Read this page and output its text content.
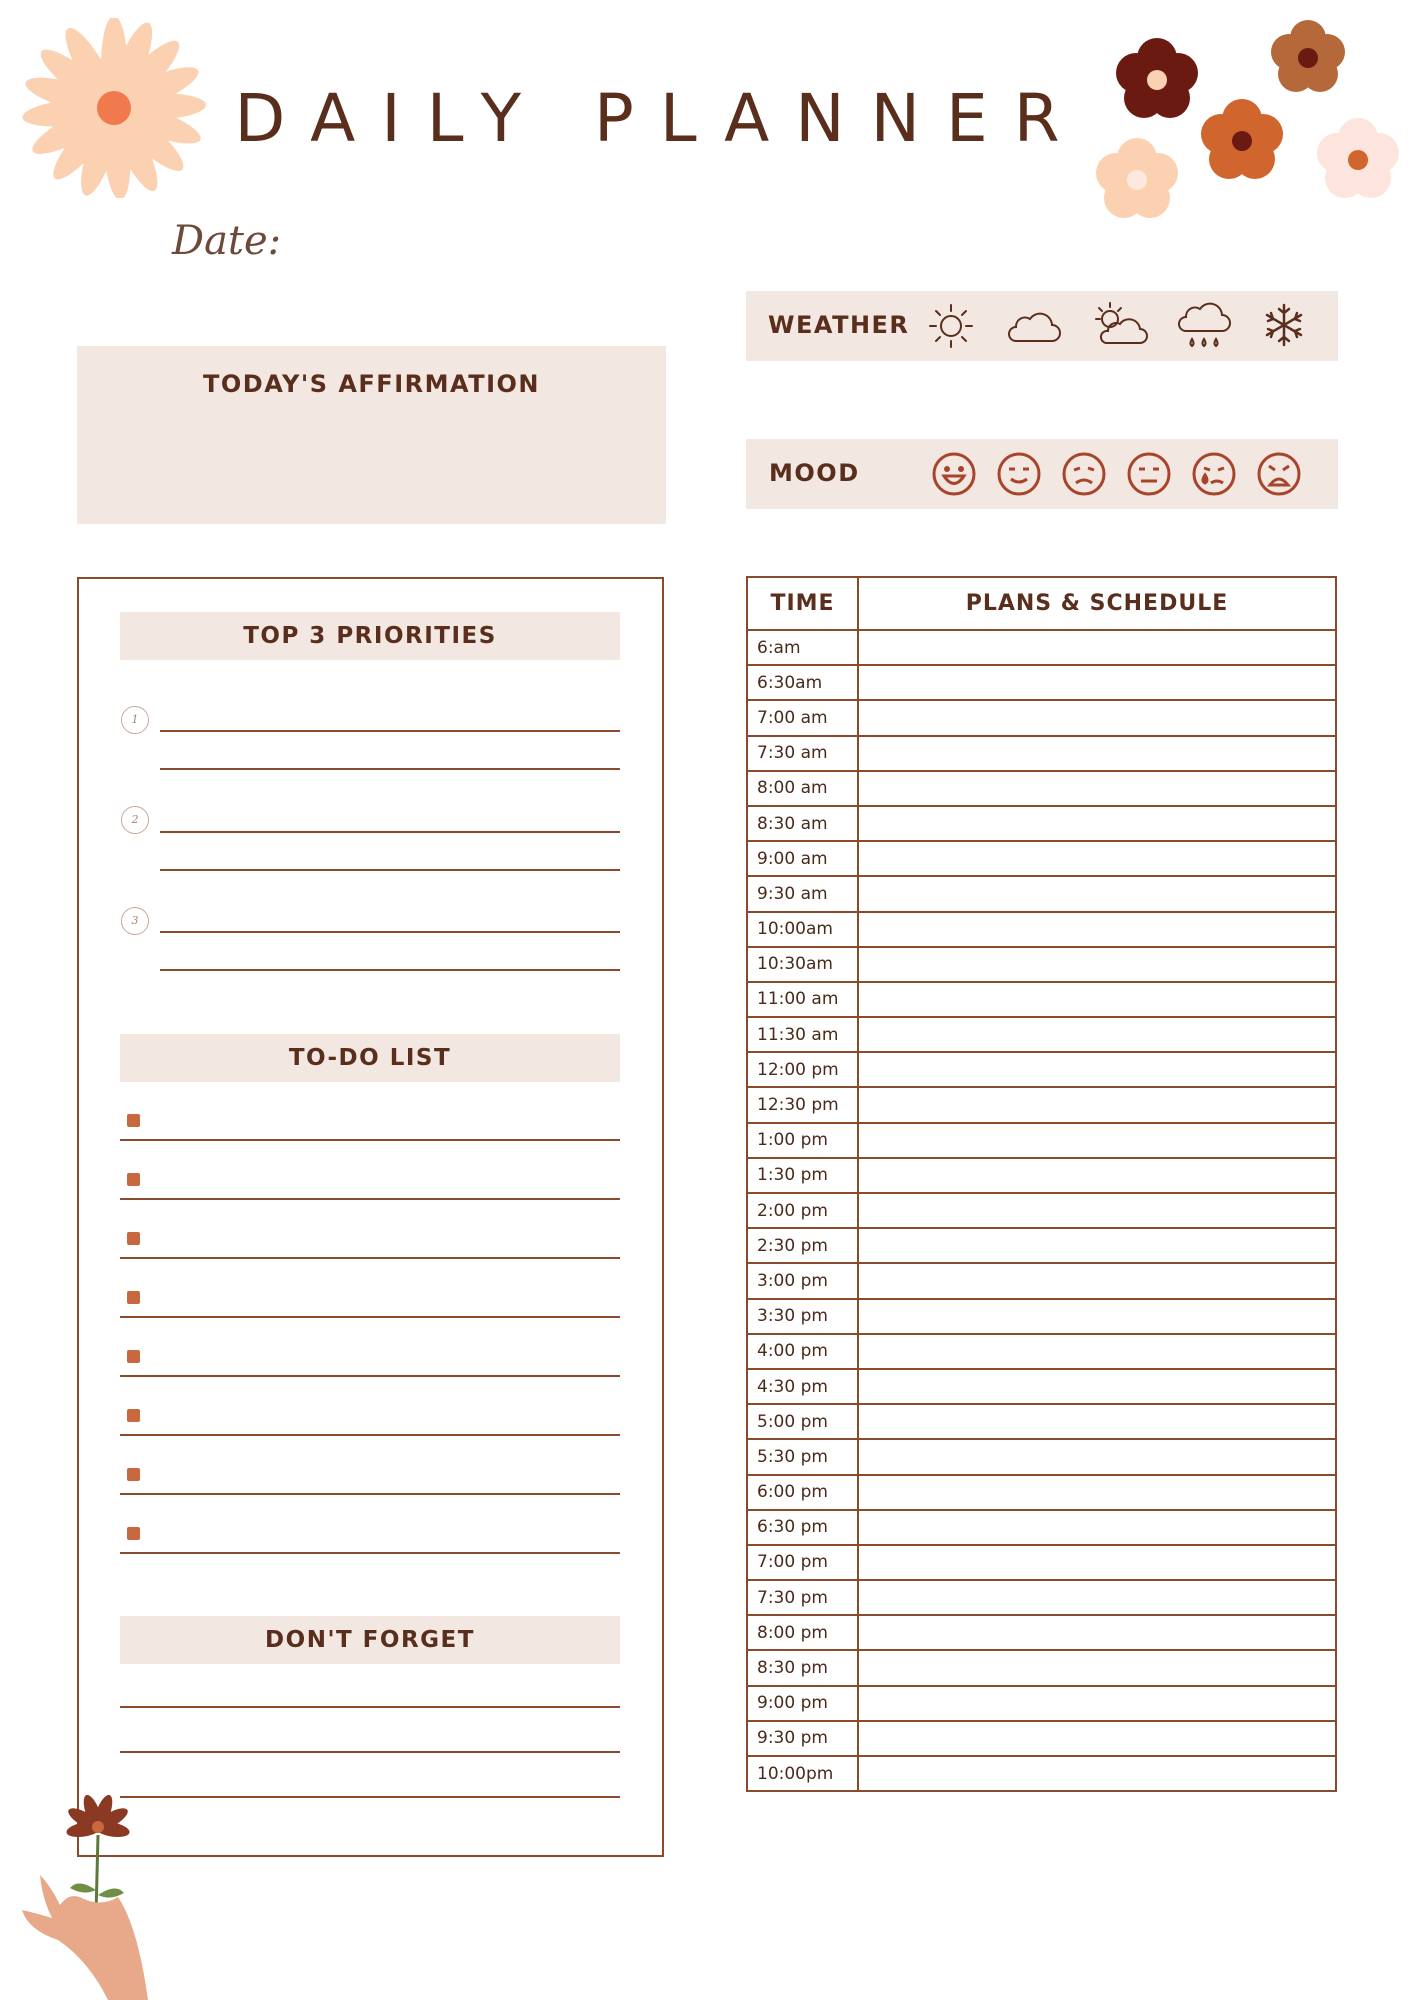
DAILY PLANNER
Date:
TODAY'S AFFIRMATION
WEATHER
MOOD
TOP 3 PRIORITIES
1
2
3
TO-DO LIST
DON'T FORGET
TIME	PLANS & SCHEDULE
6:am	
6:30am	
7:00 am	
7:30 am	
8:00 am	
8:30 am	
9:00 am	
9:30 am	
10:00am	
10:30am	
11:00 am	
11:30 am	
12:00 pm	
12:30 pm	
1:00 pm	
1:30 pm	
2:00 pm	
2:30 pm	
3:00 pm	
3:30 pm	
4:00 pm	
4:30 pm	
5:00 pm	
5:30 pm	
6:00 pm	
6:30 pm	
7:00 pm	
7:30 pm	
8:00 pm	
8:30 pm	
9:00 pm	
9:30 pm	
10:00pm	
